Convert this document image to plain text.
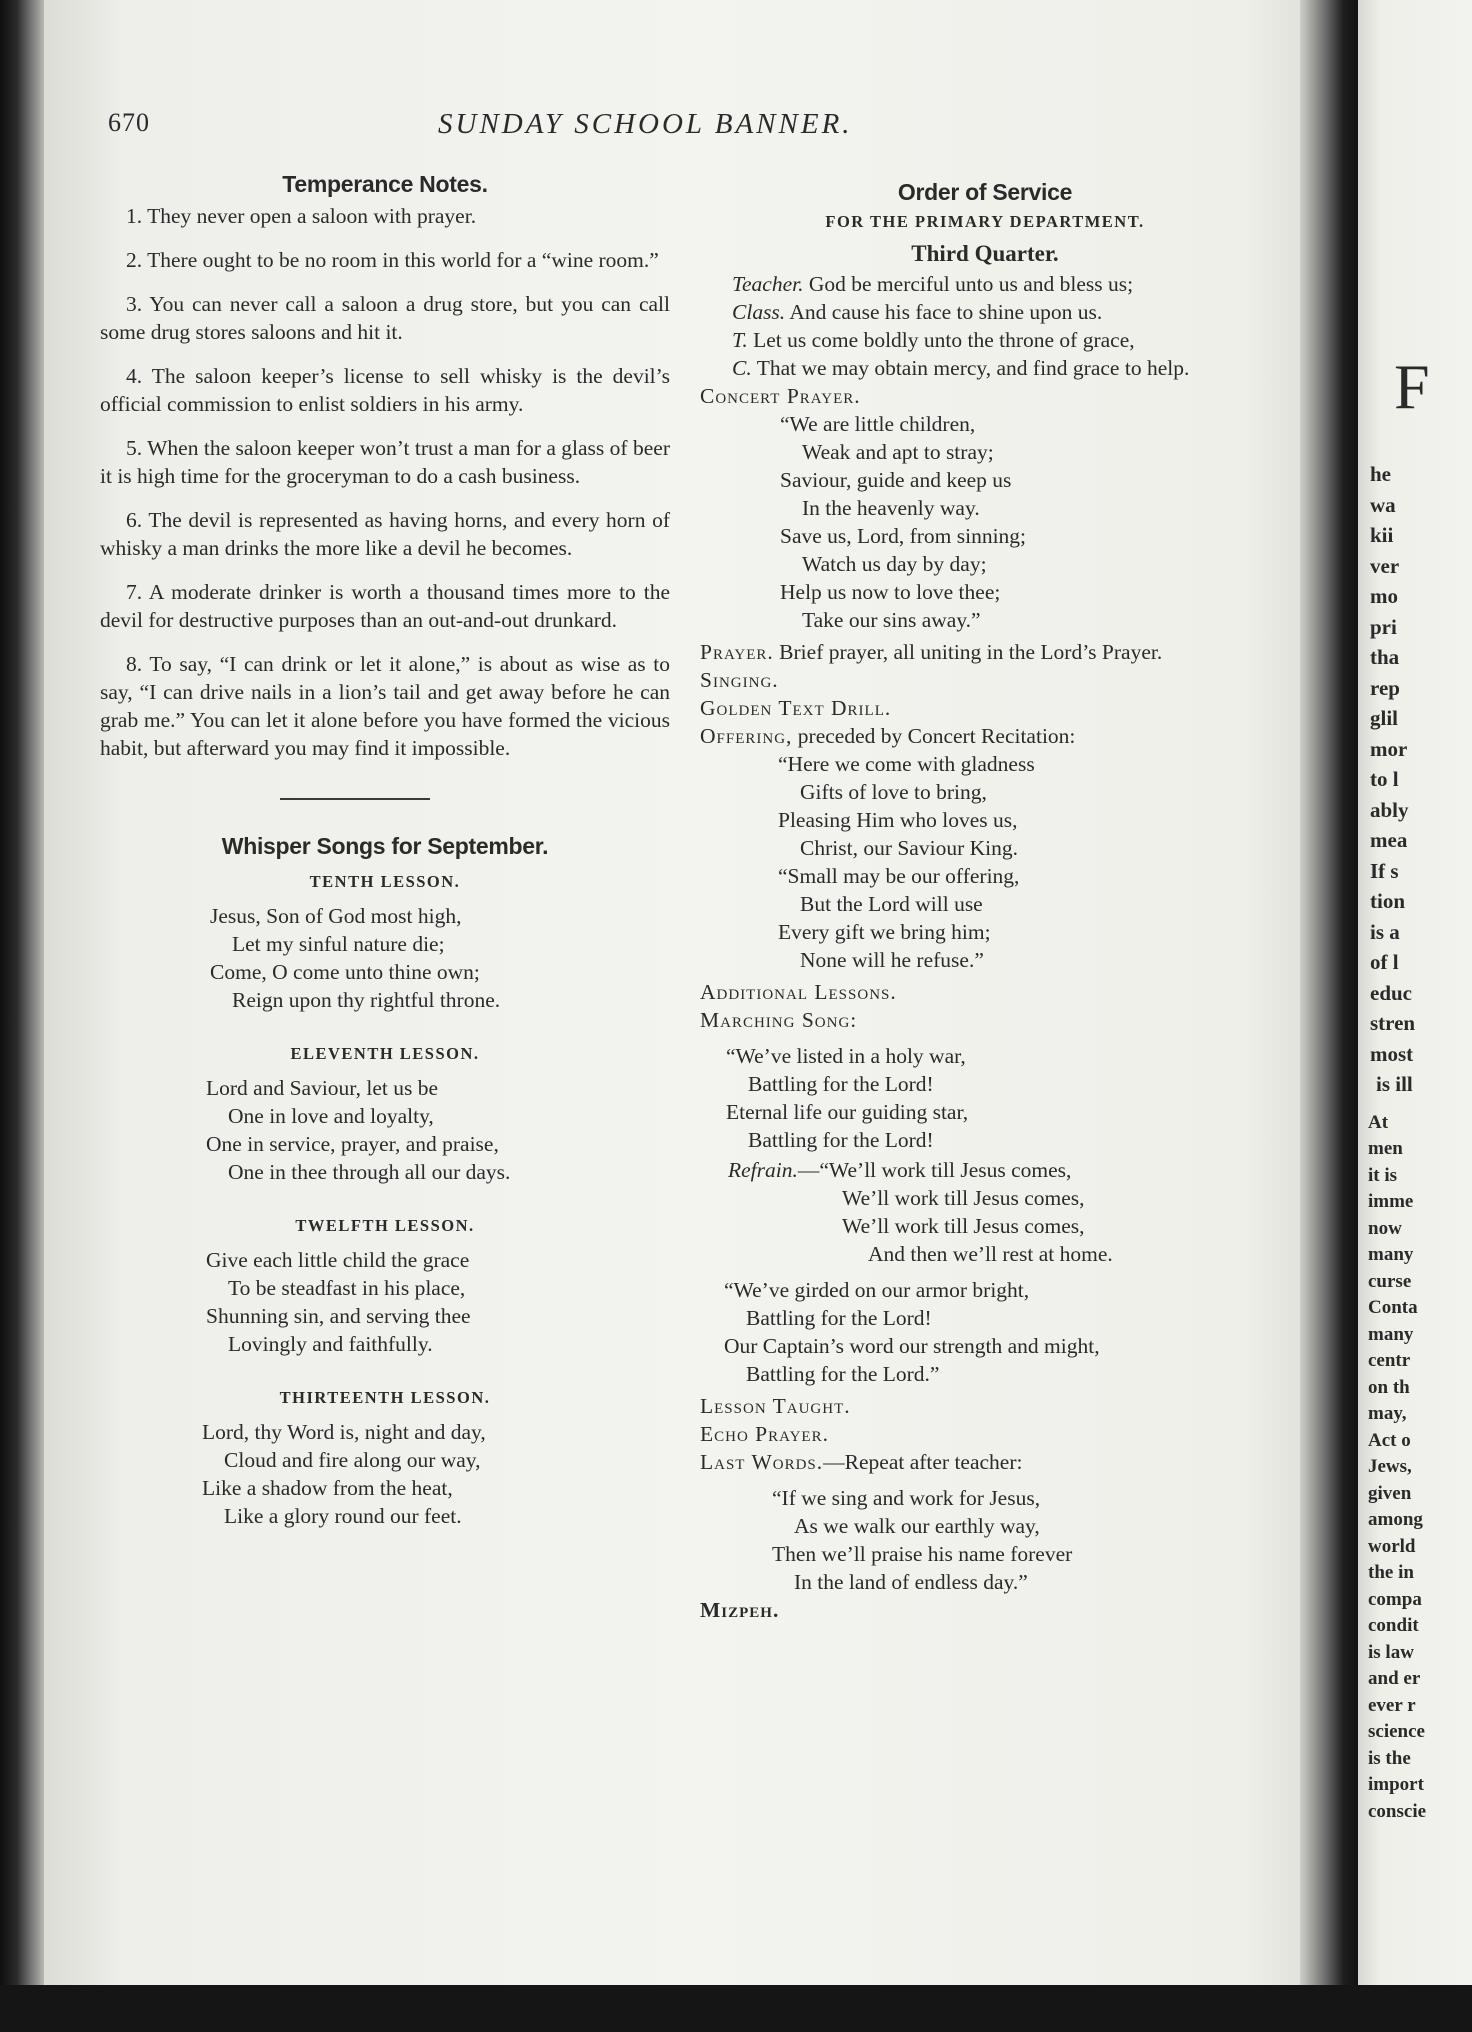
F
he
wa
kii
ver
mo
pri
tha
rep
glil
mor
to l
ably
mea
If s
tion
is a
of l
educ
stren
most
is ill
At
men
it is
imme
now
many
curse
Conta
many
centr
on th
may,
Act o
Jews,
given
among
world
the in
compa
condit
is law
and er
ever r
science
is the
import
conscie
670	SUNDAY SCHOOL BANNER.
Temperance Notes.

1. They never open a saloon with prayer.

2. There ought to be no room in this world for a “wine room.”

3. You can never call a saloon a drug store, but you can call some drug stores saloons and hit it.

4. The saloon keeper’s license to sell whisky is the devil’s official commission to enlist soldiers in his army.

5. When the saloon keeper won’t trust a man for a glass of beer it is high time for the groceryman to do a cash business.

6. The devil is represented as having horns, and every horn of whisky a man drinks the more like a devil he becomes.

7. A moderate drinker is worth a thousand times more to the devil for destructive purposes than an out-and-out drunkard.

8. To say, “I can drink or let it alone,” is about as wise as to say, “I can drive nails in a lion’s tail and get away before he can grab me.” You can let it alone before you have formed the vicious habit, but afterward you may find it impossible.

Whisper Songs for September.
TENTH LESSON.
Jesus, Son of God most high,
Let my sinful nature die;
Come, O come unto thine own;
Reign upon thy rightful throne.
ELEVENTH LESSON.
Lord and Saviour, let us be
One in love and loyalty,
One in service, prayer, and praise,
One in thee through all our days.
TWELFTH LESSON.
Give each little child the grace
To be steadfast in his place,
Shunning sin, and serving thee
Lovingly and faithfully.
THIRTEENTH LESSON.
Lord, thy Word is, night and day,
Cloud and fire along our way,
Like a shadow from the heat,
Like a glory round our feet.
Order of Service
FOR THE PRIMARY DEPARTMENT.
Third Quarter.
Teacher. God be merciful unto us and bless us;
Class. And cause his face to shine upon us.
T. Let us come boldly unto the throne of grace,
C. That we may obtain mercy, and find grace to help.
Concert Prayer.
“We are little children,
Weak and apt to stray;
Saviour, guide and keep us
In the heavenly way.
Save us, Lord, from sinning;
Watch us day by day;
Help us now to love thee;
Take our sins away.”
Prayer. Brief prayer, all uniting in the Lord’s Prayer.
Singing.
Golden Text Drill.
Offering, preceded by Concert Recitation:
“Here we come with gladness
Gifts of love to bring,
Pleasing Him who loves us,
Christ, our Saviour King.
“Small may be our offering,
But the Lord will use
Every gift we bring him;
None will he refuse.”
Additional Lessons.
Marching Song:
“We’ve listed in a holy war,
Battling for the Lord!
Eternal life our guiding star,
Battling for the Lord!
Refrain.—“We’ll work till Jesus comes,
We’ll work till Jesus comes,
We’ll work till Jesus comes,
And then we’ll rest at home.
“We’ve girded on our armor bright,
Battling for the Lord!
Our Captain’s word our strength and might,
Battling for the Lord.”
Lesson Taught.
Echo Prayer.
Last Words.—Repeat after teacher:
“If we sing and work for Jesus,
As we walk our earthly way,
Then we’ll praise his name forever
In the land of endless day.”
Mizpeh.
